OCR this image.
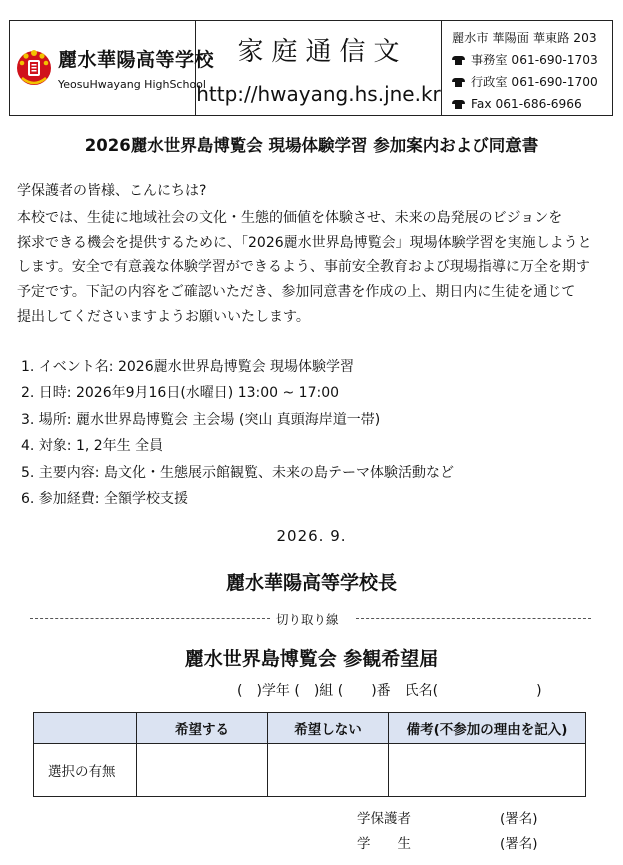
麗水華陽高等学校
YeosuHwayang HighSchool
家庭通信文
http://hwayang.hs.jne.kr
麗水市 華陽面 華東路 203
事務室 061-690-1703
行政室 061-690-1700
Fax 061-686-6966
2026麗水世界島博覧会 現場体験学習 参加案内および同意書
学保護者の皆様、こんにちは?

本校では、生徒に地域社会の文化・生態的価値を体験させ、未来の島発展のビジョンを

探求できる機会を提供するために、「2026麗水世界島博覧会」現場体験学習を実施しようと

します。安全で有意義な体験学習ができるよう、事前安全教育および現場指導に万全を期す

予定です。下記の内容をご確認いただき、参加同意書を作成の上、期日内に生徒を通じて

提出してくださいますようお願いいたします。

1. イベント名: 2026麗水世界島博覧会 現場体験学習
2. 日時: 2026年9月16日(水曜日) 13:00 ~ 17:00
3. 場所: 麗水世界島博覧会 主会場 (突山 真頭海岸道一帯)
4. 対象: 1, 2年生 全員
5. 主要内容: 島文化・生態展示館観覧、未来の島テーマ体験活動など
6. 参加経費: 全額学校支援
2026. 9.
麗水華陽高等学校長
切り取り線
麗水世界島博覧会 参観希望届
(　)学年 (　)組 (　　)番　氏名(　　　　　　　)
	希望する	希望しない	備考(不参加の理由を記入)
選択の有無			
学保護者	(署名)
学　　生	(署名)
